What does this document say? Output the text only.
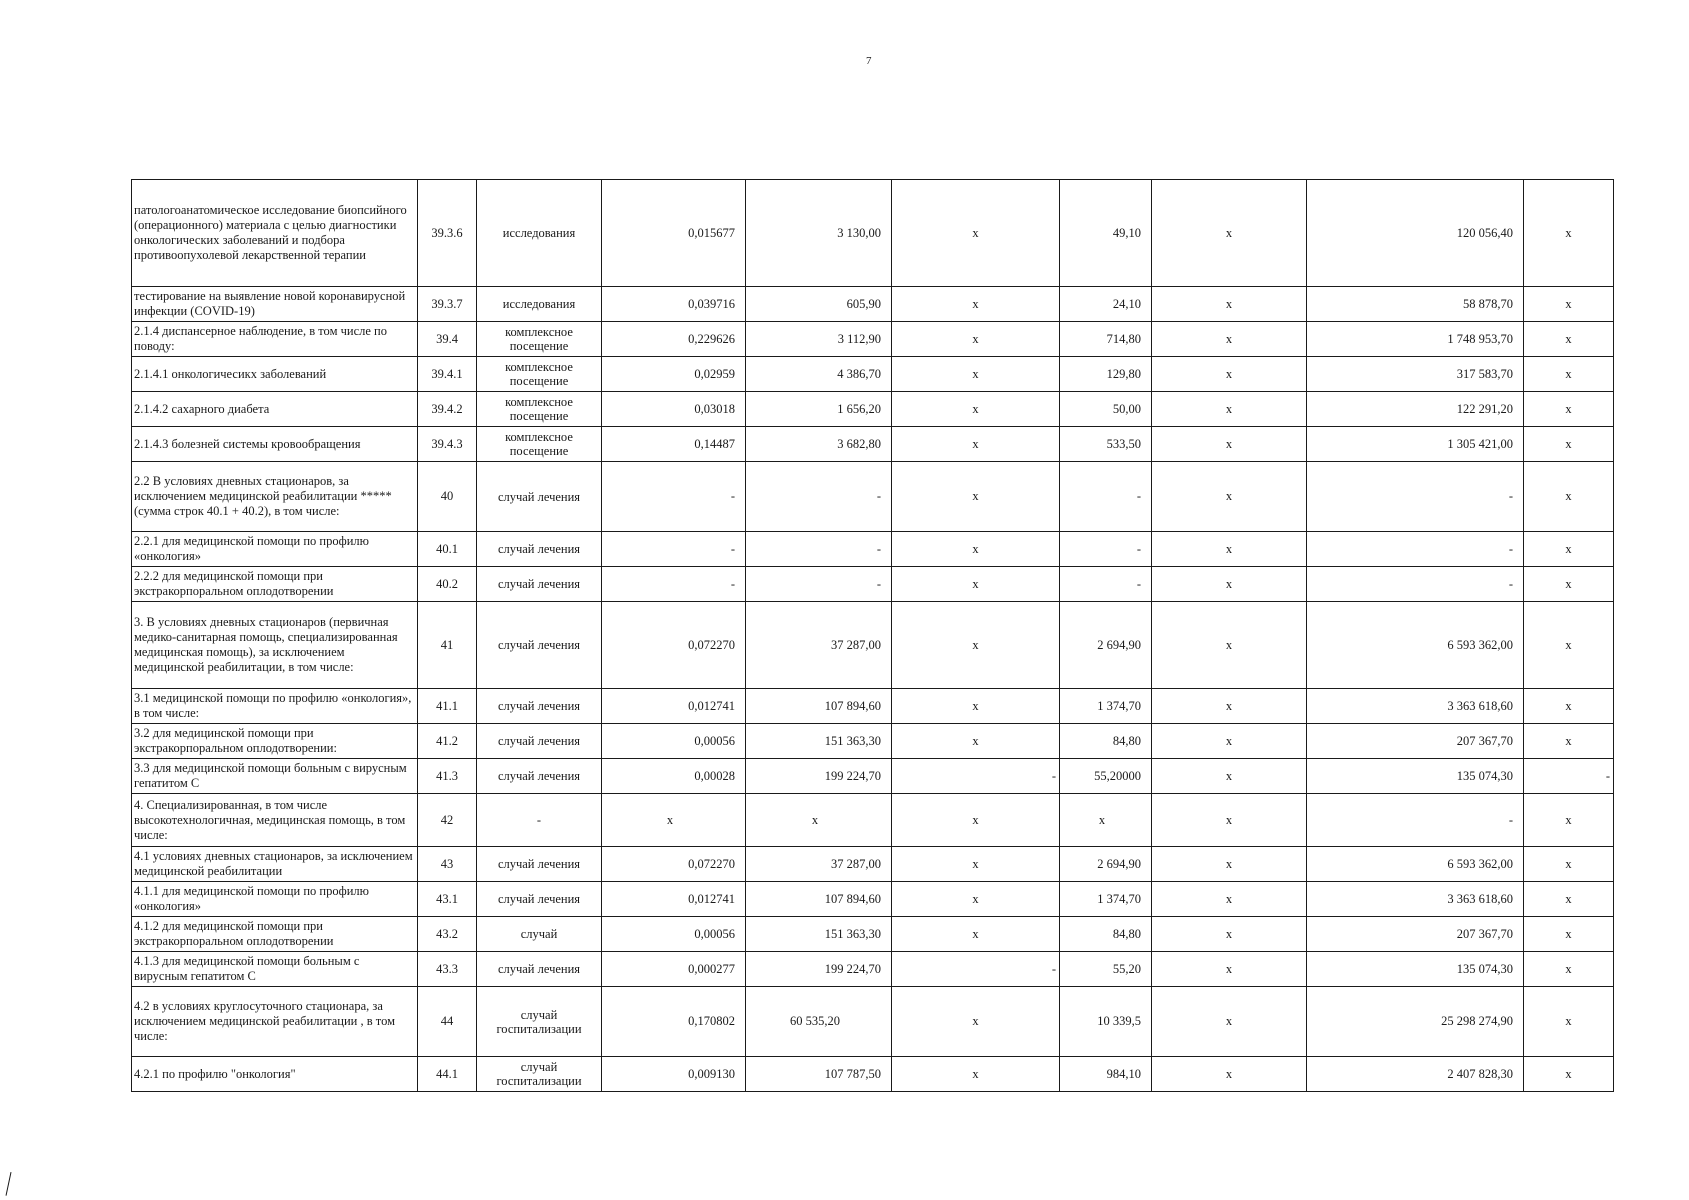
7
патологоанатомическое исследование биопсийного (операционного) материала с целью диагностики онкологических заболеваний и подбора противоопухолевой лекарственной терапии	39.3.6	исследования	0,015677	3 130,00	х	49,10	х	120 056,40	х
тестирование на выявление новой коронавирусной инфекции (COVID-19)	39.3.7	исследования	0,039716	605,90	х	24,10	х	58 878,70	х
2.1.4 диспансерное наблюдение, в том числе по поводу:	39.4	комплексное посещение	0,229626	3 112,90	х	714,80	х	1 748 953,70	х
2.1.4.1 онкологичесикх заболеваний	39.4.1	комплексное посещение	0,02959	4 386,70	х	129,80	х	317 583,70	х
2.1.4.2 сахарного диабета	39.4.2	комплексное посещение	0,03018	1 656,20	х	50,00	х	122 291,20	х
2.1.4.3 болезней системы кровообращения	39.4.3	комплексное посещение	0,14487	3 682,80	х	533,50	х	1 305 421,00	х
2.2 В условиях дневных стационаров, за исключением медицинской реабилитации ***** (сумма строк 40.1 + 40.2), в том числе:	40	случай лечения	-	-	х	-	х	-	х
2.2.1 для медицинской помощи по профилю «онкология»	40.1	случай лечения	-	-	х	-	х	-	х
2.2.2 для медицинской помощи при экстракорпоральном оплодотворении	40.2	случай лечения	-	-	х	-	х	-	х
3. В условиях дневных стационаров (первичная медико-санитарная помощь, специализированная медицинская помощь), за исключением медицинской реабилитации, в том числе:	41	случай лечения	0,072270	37 287,00	х	2 694,90	х	6 593 362,00	х
3.1 медицинской помощи по профилю «онкология», в том числе:	41.1	случай лечения	0,012741	107 894,60	х	1 374,70	х	3 363 618,60	х
3.2 для медицинской помощи при экстракорпоральном оплодотворении:	41.2	случай лечения	0,00056	151 363,30	х	84,80	х	207 367,70	х
3.3 для медицинской помощи больным с вирусным гепатитом С	41.3	случай лечения	0,00028	199 224,70	-	55,20000	х	135 074,30	-
4. Специализированная, в том числе высокотехнологичная, медицинская помощь, в том числе:	42	-	х	х	х	х	х	-	х
4.1 условиях дневных стационаров, за исключением медицинской реабилитации	43	случай лечения	0,072270	37 287,00	х	2 694,90	х	6 593 362,00	х
4.1.1 для медицинской помощи по профилю «онкология»	43.1	случай лечения	0,012741	107 894,60	х	1 374,70	х	3 363 618,60	х
4.1.2 для медицинской помощи при экстракорпоральном оплодотворении	43.2	случай	0,00056	151 363,30	х	84,80	х	207 367,70	х
4.1.3 для медицинской помощи больным с вирусным гепатитом С	43.3	случай лечения	0,000277	199 224,70	-	55,20	х	135 074,30	х
4.2 в условиях круглосуточного стационара, за исключением медицинской реабилитации , в том числе:	44	случай госпитализации	0,170802	60 535,20	х	10 339,5	х	25 298 274,90	х
4.2.1 по профилю "онкология"	44.1	случай госпитализации	0,009130	107 787,50	х	984,10	х	2 407 828,30	х
